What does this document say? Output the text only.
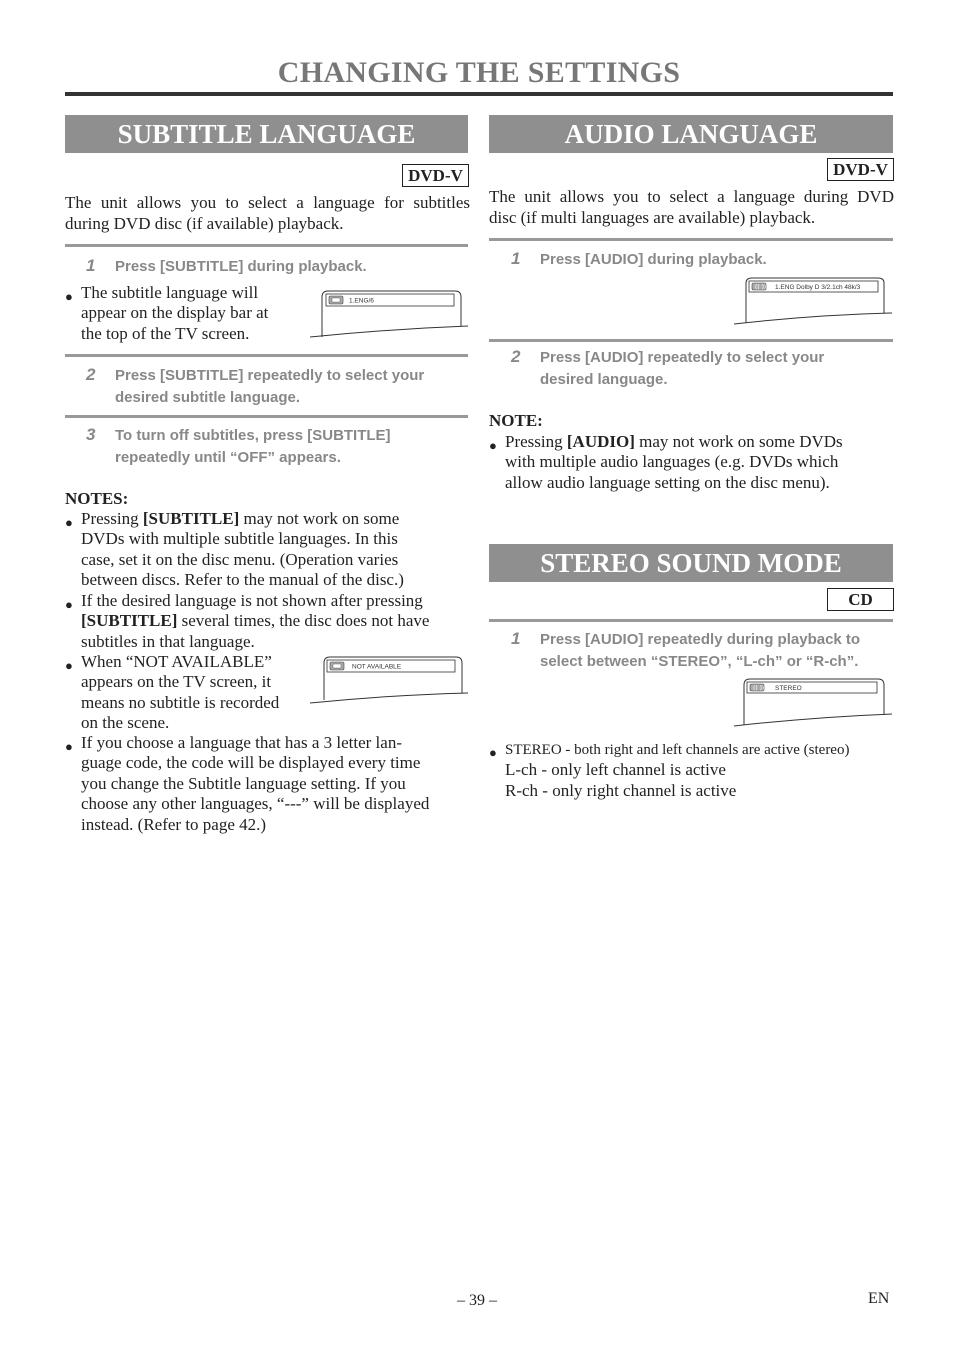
CHANGING THE SETTINGS
SUBTITLE LANGUAGE
DVD-V
The unit allows you to select a language for subtitles
during DVD disc (if available) playback.
1 Press [SUBTITLE] during playback.
● The subtitle language will
appear on the display bar at
the top of the TV screen.
1.ENG/6
2 Press [SUBTITLE] repeatedly to select your
desired subtitle language.
3 To turn off subtitles, press [SUBTITLE]
repeatedly until “OFF” appears.
NOTES:
● Pressing [SUBTITLE] may not work on some
DVDs with multiple subtitle languages. In this
case, set it on the disc menu. (Operation varies
between discs. Refer to the manual of the disc.)
● If the desired language is not shown after pressing
[SUBTITLE] several times, the disc does not have
subtitles in that language.
● When “NOT AVAILABLE”
appears on the TV screen, it
means no subtitle is recorded
on the scene.
NOT AVAILABLE
● If you choose a language that has a 3 letter lan-
guage code, the code will be displayed every time
you change the Subtitle language setting. If you
choose any other languages, “---” will be displayed
instead. (Refer to page 42.)
AUDIO LANGUAGE
DVD-V
The unit allows you to select a language during DVD
disc (if multi languages are available) playback.
1 Press [AUDIO] during playback.
(( )) 1.ENG Dolby D 3/2.1ch 48k/3
2 Press [AUDIO] repeatedly to select your
desired language.
NOTE:
● Pressing [AUDIO] may not work on some DVDs
with multiple audio languages (e.g. DVDs which
allow audio language setting on the disc menu).
STEREO SOUND MODE
CD
1 Press [AUDIO] repeatedly during playback to
select between “STEREO”, “L-ch” or “R-ch”.
(( )) STEREO
● STEREO - both right and left channels are active (stereo)
L-ch - only left channel is active
R-ch - only right channel is active
– 39 –	EN
